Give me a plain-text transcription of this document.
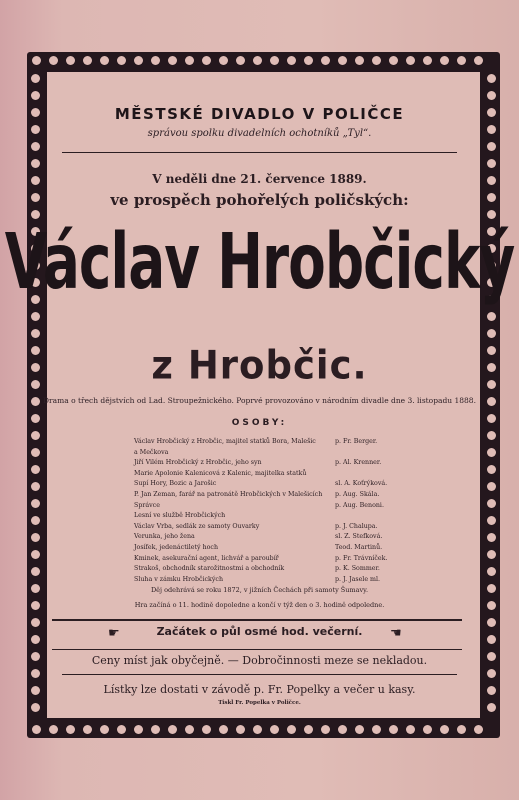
MĚSTSKÉ DIVADLO V POLIČCE
správou spolku divadelních ochotníků „Tyl“.
V neděli dne 21. července 1889.
ve prospěch pohořelých poličských:
Václav Hrobčický
z Hrobčic.
Drama o třech dějstvích od Lad. Stroupežnického. Poprvé provozováno v národním divadle dne 3. listopadu 1888.
OSOBY:
Václav Hrobčický z Hrobčic, majitel statků Bora, Malešic	p. Fr. Berger.
a Mečkova
Jiří Vilém Hrobčický z Hrobčic, jeho syn	p. Al. Krenner.
Marie Apolonie Kalenicová z Kalenic, majitelka statků
Supí Hory, Bozic a Jarošic	sl. A. Koťrýková.
P. Jan Zeman, farář na patronátě Hrobčických v Malešicích p. Aug. Skála.
Správce	p. Aug. Benoni.
Lesní ve službě Hrobčických
Václav Vrba, sedlák ze samoty Ouvarky	p. J. Chalupa.
Verunka, jeho žena	sl. Z. Stefková.
Josífek, jedenáctiletý hoch	Teod. Martinů.
Kminek, asekurační agent, lichvář a paroubíř	p. Fr. Trávníček.
Strakoš, obchodník starožitnostmi a obchodník	p. K. Sommer.
Sluha v zámku Hrobčických	p. J. Jasele ml.
Děj odehrává se roku 1872, v jižních Čechách při samoty Šumavy.
Hra začíná o 11. hodině dopoledne a končí v týž den o 3. hodině odpoledne.
☛	Začátek o půl osmé hod. večerní.	☚
Ceny míst jak obyčejně. — Dobročinnosti meze se nekladou.
Lístky lze dostati v závodě p. Fr. Popelky a večer u kasy.
Tiskl Fr. Popelka v Poličce.
